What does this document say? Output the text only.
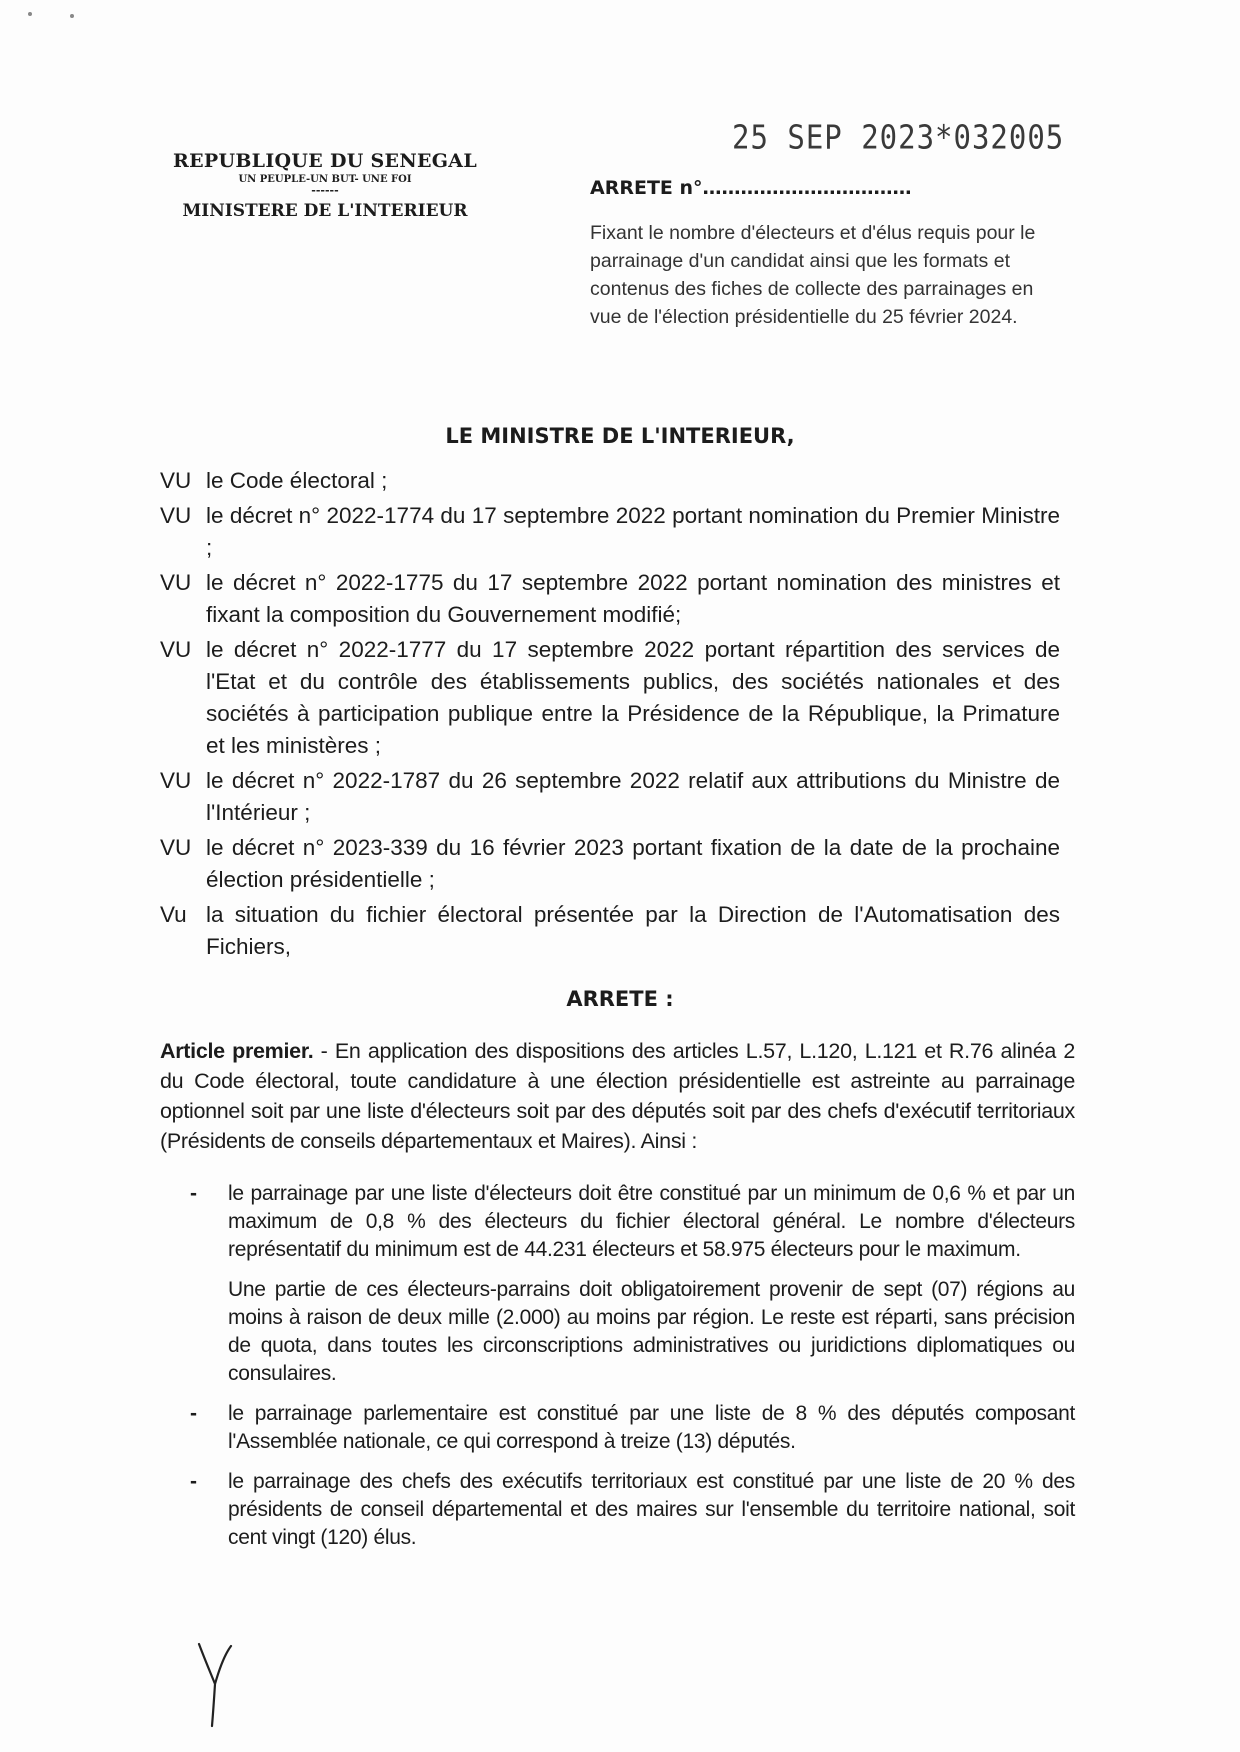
REPUBLIQUE DU SENEGAL
UN PEUPLE-UN BUT- UNE FOI
------
MINISTERE DE L'INTERIEUR
25 SEP 2023*032005
ARRETE n°……………………………
Fixant le nombre d'électeurs et d'élus requis pour le parrainage d'un candidat ainsi que les formats et contenus des fiches de collecte des parrainages en vue de l'élection présidentielle du 25 février 2024.
LE MINISTRE DE L'INTERIEUR,
VU le Code électoral ;
VU le décret n° 2022-1774 du 17 septembre 2022 portant nomination du Premier Ministre ;
VU le décret n° 2022-1775 du 17 septembre 2022 portant nomination des ministres et fixant la composition du Gouvernement modifié;
VU le décret n° 2022-1777 du 17 septembre 2022 portant répartition des services de l'Etat et du contrôle des établissements publics, des sociétés nationales et des sociétés à participation publique entre la Présidence de la République, la Primature et les ministères ;
VU le décret n° 2022-1787 du 26 septembre 2022 relatif aux attributions du Ministre de l'Intérieur ;
VU le décret n° 2023-339 du 16 février 2023 portant fixation de la date de la prochaine élection présidentielle ;
Vu la situation du fichier électoral présentée par la Direction de l'Automatisation des Fichiers,
ARRETE :
Article premier. - En application des dispositions des articles L.57, L.120, L.121 et R.76 alinéa 2 du Code électoral, toute candidature à une élection présidentielle est astreinte au parrainage optionnel soit par une liste d'électeurs soit par des députés soit par des chefs d'exécutif territoriaux (Présidents de conseils départementaux et Maires). Ainsi :
-	le parrainage par une liste d'électeurs doit être constitué par un minimum de 0,6 % et par un maximum de 0,8 % des électeurs du fichier électoral général. Le nombre d'électeurs représentatif du minimum est de 44.231 électeurs et 58.975 électeurs pour le maximum.

Une partie de ces électeurs-parrains doit obligatoirement provenir de sept (07) régions au moins à raison de deux mille (2.000) au moins par région. Le reste est réparti, sans précision de quota, dans toutes les circonscriptions administratives ou juridictions diplomatiques ou consulaires.

-	le parrainage parlementaire est constitué par une liste de 8 % des députés composant l'Assemblée nationale, ce qui correspond à treize (13) députés.

-	le parrainage des chefs des exécutifs territoriaux est constitué par une liste de 20 % des présidents de conseil départemental et des maires sur l'ensemble du territoire national, soit cent vingt (120) élus.
